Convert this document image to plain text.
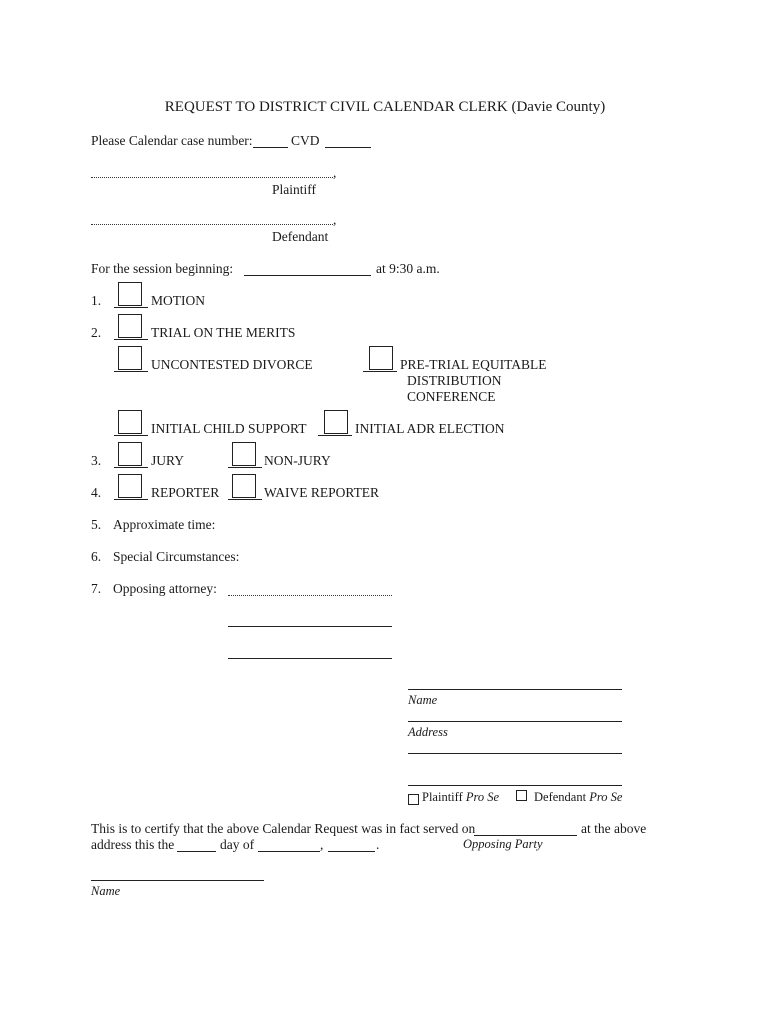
REQUEST TO DISTRICT CIVIL CALENDAR CLERK (Davie County)
Please Calendar case number:	CVD
,
Plaintiff
,
Defendant
For the session beginning:	at 9:30 a.m.
1.	MOTION
2.	TRIAL ON THE MERITS
UNCONTESTED DIVORCE	PRE-TRIAL EQUITABLE
DISTRIBUTION
CONFERENCE
INITIAL CHILD SUPPORT	INITIAL ADR ELECTION
3.	JURY	NON-JURY
4.	REPORTER	WAIVE REPORTER
5. Approximate time:
6. Special Circumstances:
7. Opposing attorney:
Name
Address
Plaintiff Pro Se	Defendant Pro Se
This is to certify that the above Calendar Request was in fact served on	at the above
address this the	day of	,	.	Opposing Party
Name
